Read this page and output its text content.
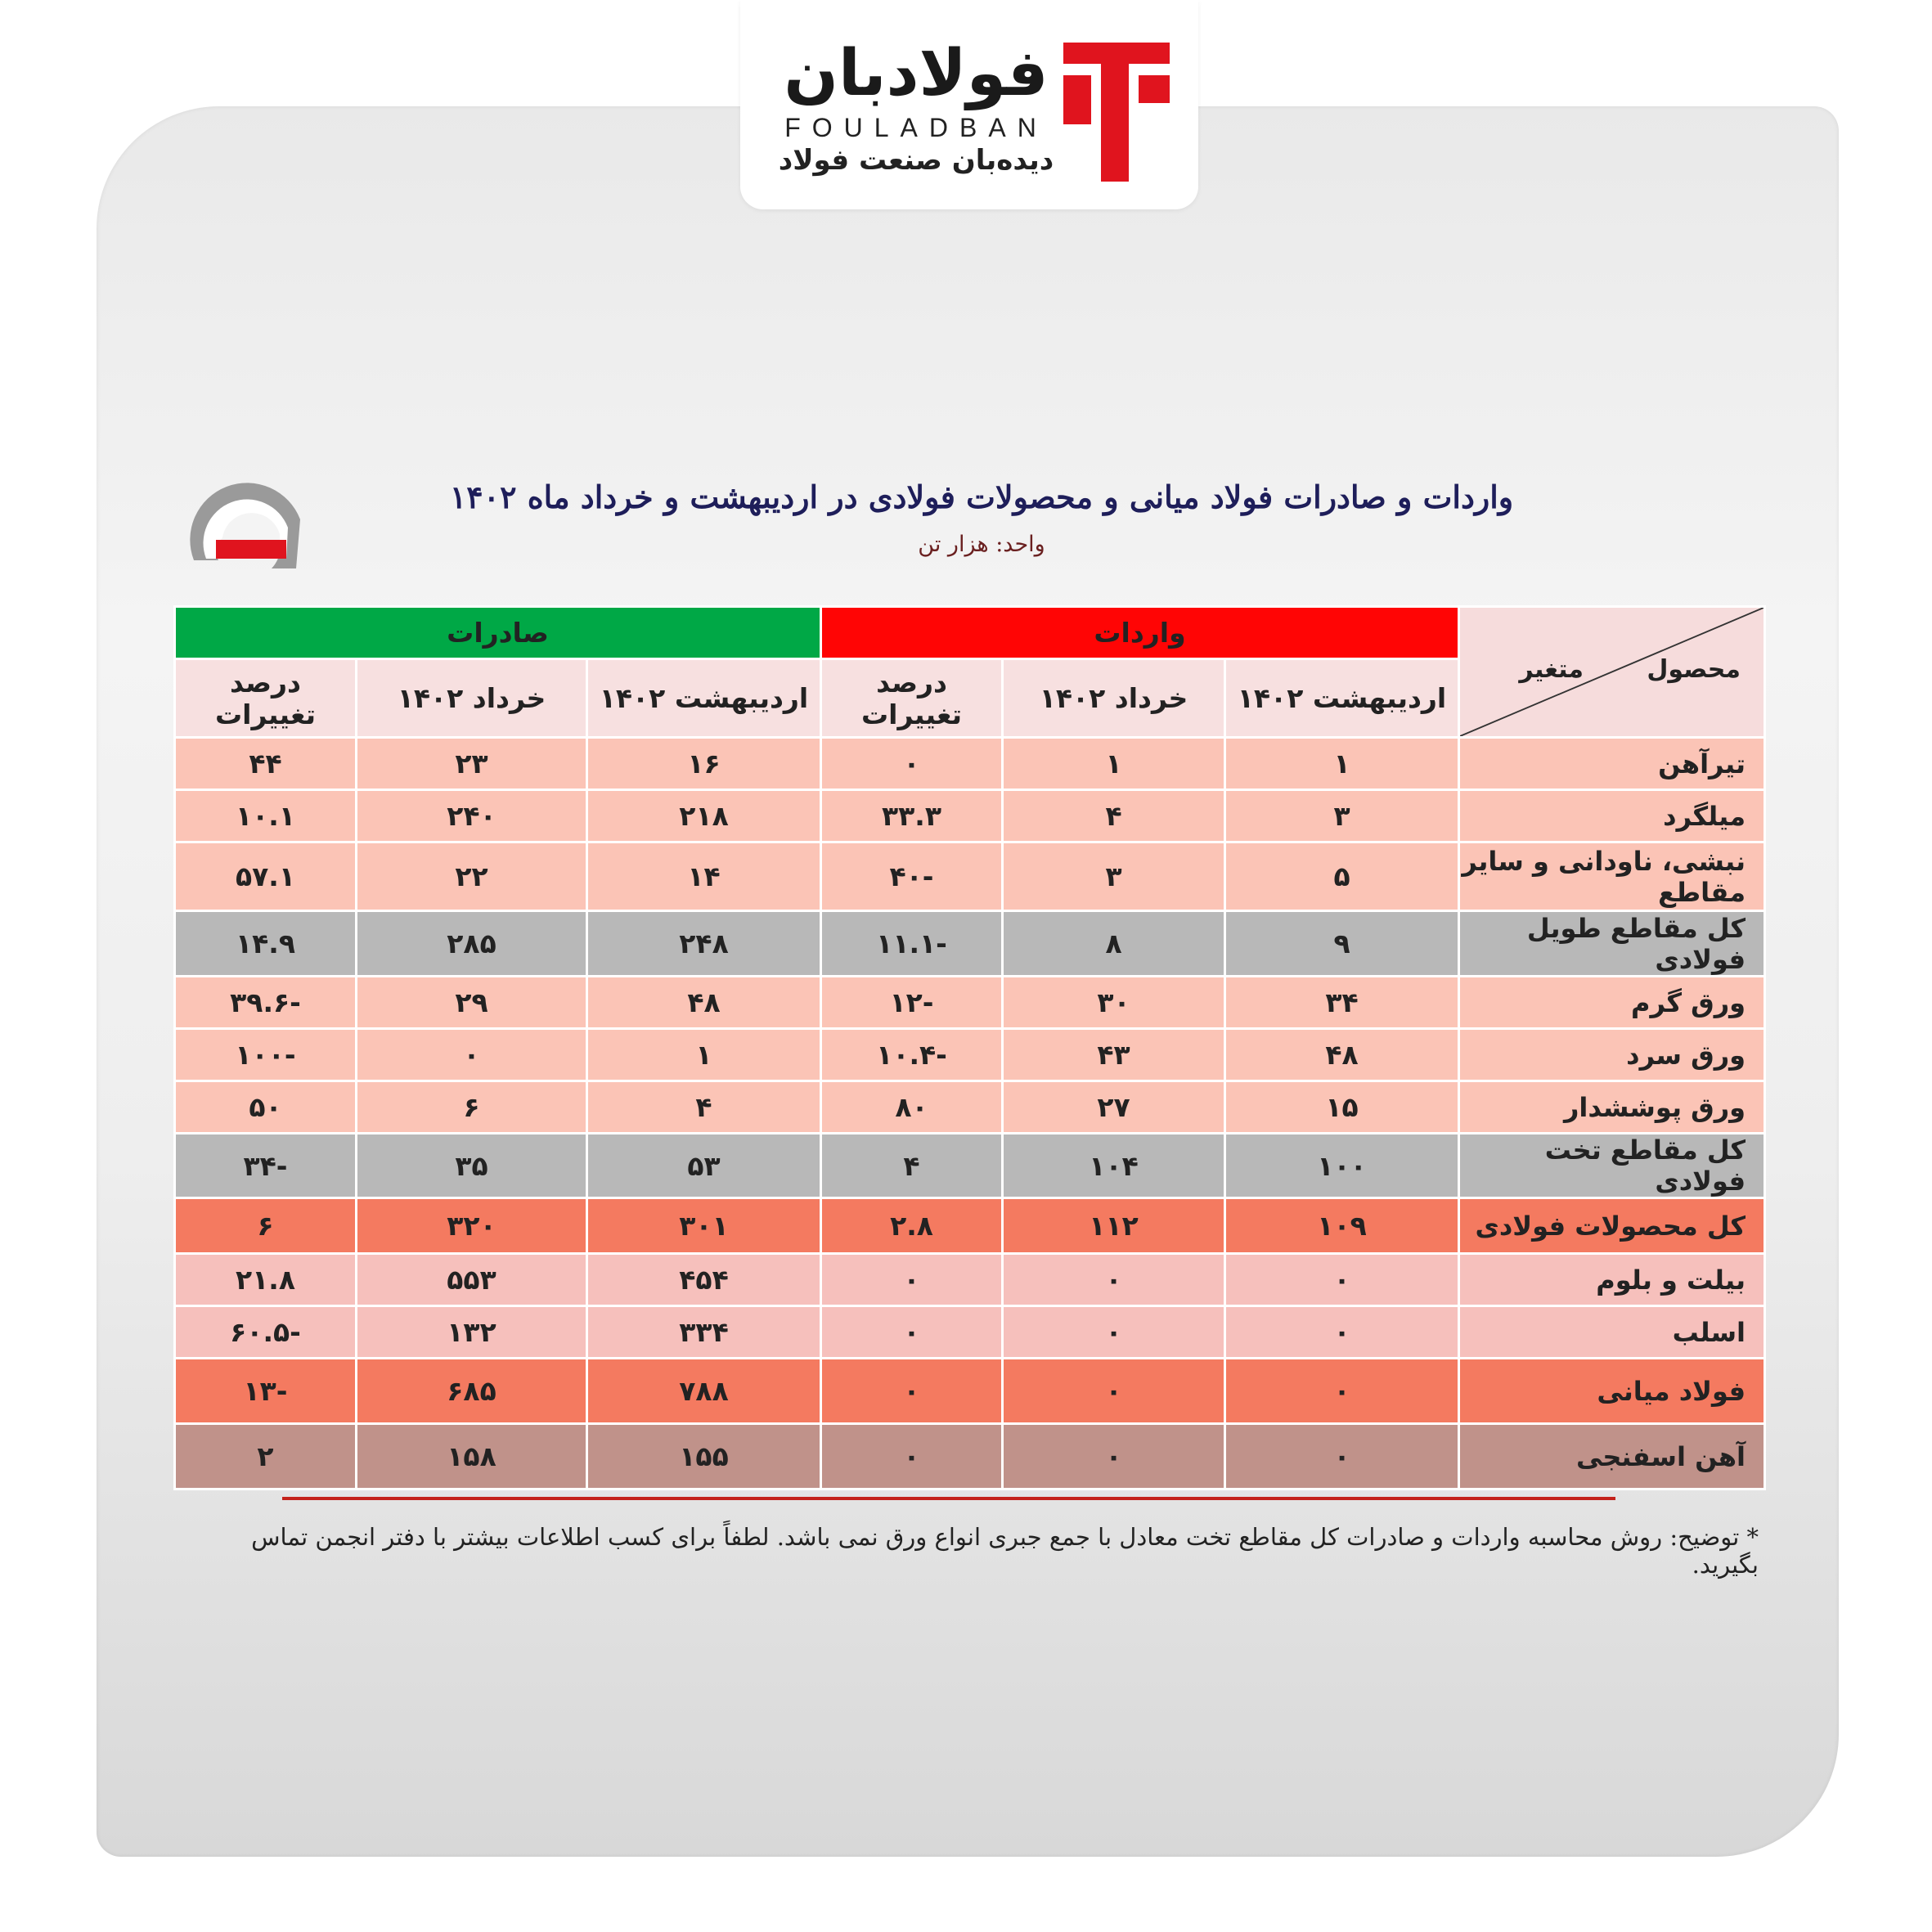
فولادبان
FOULADBAN
دیده‌بان صنعت فولاد
واردات و صادرات فولاد میانی و محصولات فولادی در اردیبهشت و خرداد ماه ۱۴۰۲
واحد: هزار تن
محصول
متغیر	واردات			صادرات		
	اردیبهشت ۱۴۰۲	خرداد ۱۴۰۲	درصد تغییرات	اردیبهشت ۱۴۰۲	خرداد ۱۴۰۲	درصد تغییرات
تیرآهن	۱	۱	۰	۱۶	۲۳	۴۴
میلگرد	۳	۴	۳۳.۳	۲۱۸	۲۴۰	۱۰.۱
نبشی، ناودانی و سایر مقاطع	۵	۳	-۴۰	۱۴	۲۲	۵۷.۱
کل مقاطع طویل فولادی	۹	۸	-۱۱.۱	۲۴۸	۲۸۵	۱۴.۹
ورق گرم	۳۴	۳۰	-۱۲	۴۸	۲۹	-۳۹.۶
ورق سرد	۴۸	۴۳	-۱۰.۴	۱	۰	-۱۰۰
ورق پوششدار	۱۵	۲۷	۸۰	۴	۶	۵۰
کل مقاطع تخت فولادی	۱۰۰	۱۰۴	۴	۵۳	۳۵	-۳۴
کل محصولات فولادی	۱۰۹	۱۱۲	۲.۸	۳۰۱	۳۲۰	۶
بیلت و بلوم	۰	۰	۰	۴۵۴	۵۵۳	۲۱.۸
اسلب	۰	۰	۰	۳۳۴	۱۳۲	-۶۰.۵
فولاد میانی	۰	۰	۰	۷۸۸	۶۸۵	-۱۳
آهن اسفنجی	۰	۰	۰	۱۵۵	۱۵۸	۲
* توضیح: روش محاسبه واردات و صادرات کل مقاطع تخت معادل با جمع جبری انواع ورق نمی باشد. لطفاً برای کسب اطلاعات بیشتر با دفتر انجمن تماس بگیرید.
